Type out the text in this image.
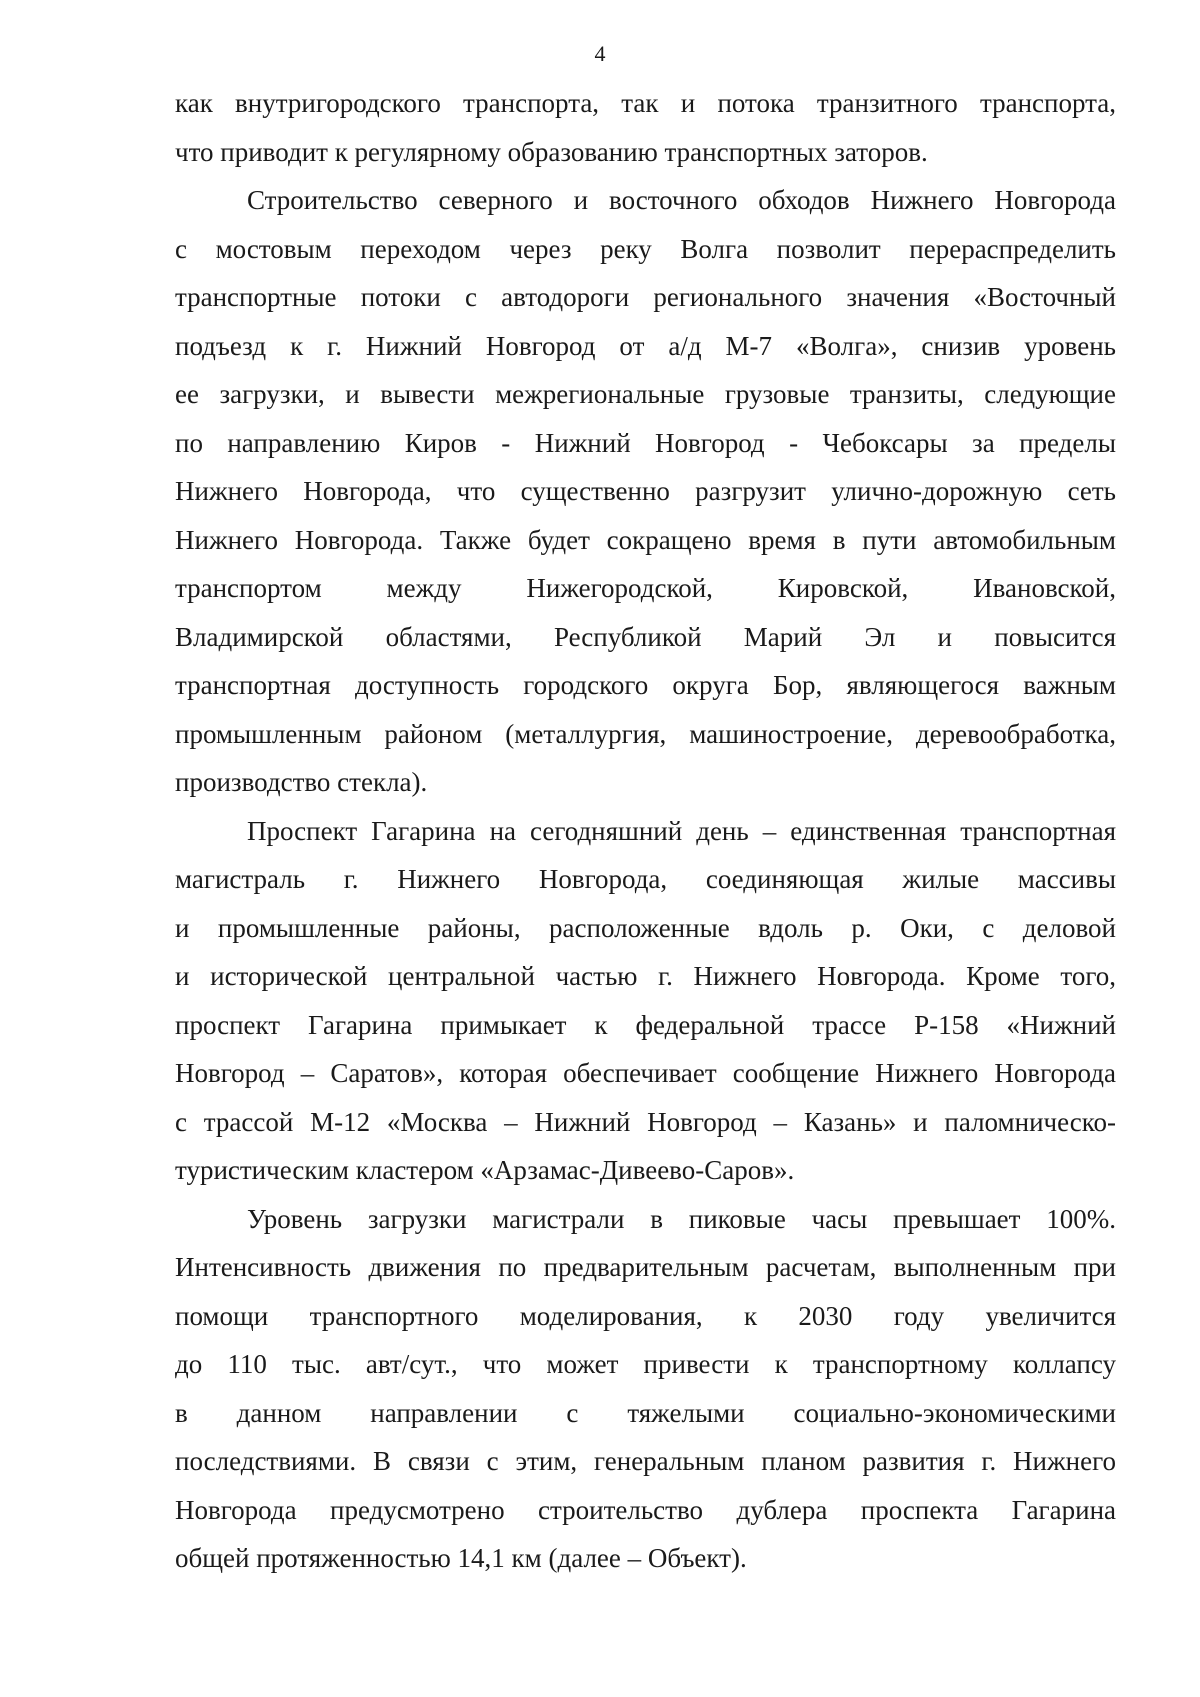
4
как внутригородского транспорта, так и потока транзитного транспорта,
что приводит к регулярному образованию транспортных заторов.
Строительство северного и восточного обходов Нижнего Новгорода
с мостовым переходом через реку Волга позволит перераспределить
транспортные потоки с автодороги регионального значения «Восточный
подъезд к г. Нижний Новгород от а/д М-7 «Волга», снизив уровень
ее загрузки, и вывести межрегиональные грузовые транзиты, следующие
по направлению Киров - Нижний Новгород - Чебоксары за пределы
Нижнего Новгорода, что существенно разгрузит улично-дорожную сеть
Нижнего Новгорода. Также будет сокращено время в пути автомобильным
транспортом между Нижегородской, Кировской, Ивановской,
Владимирской областями, Республикой Марий Эл и повысится
транспортная доступность городского округа Бор, являющегося важным
промышленным районом (металлургия, машиностроение, деревообработка,
производство стекла).
Проспект Гагарина на сегодняшний день – единственная транспортная
магистраль г. Нижнего Новгорода, соединяющая жилые массивы
и промышленные районы, расположенные вдоль р. Оки, с деловой
и исторической центральной частью г. Нижнего Новгорода. Кроме того,
проспект Гагарина примыкает к федеральной трассе Р-158 «Нижний
Новгород – Саратов», которая обеспечивает сообщение Нижнего Новгорода
с трассой М-12 «Москва – Нижний Новгород – Казань» и паломническо-
туристическим кластером «Арзамас-Дивеево-Саров».
Уровень загрузки магистрали в пиковые часы превышает 100%.
Интенсивность движения по предварительным расчетам, выполненным при
помощи транспортного моделирования, к 2030 году увеличится
до 110 тыс. авт/сут., что может привести к транспортному коллапсу
в данном направлении с тяжелыми социально-экономическими
последствиями. В связи с этим, генеральным планом развития г. Нижнего
Новгорода предусмотрено строительство дублера проспекта Гагарина
общей протяженностью 14,1 км (далее – Объект).
